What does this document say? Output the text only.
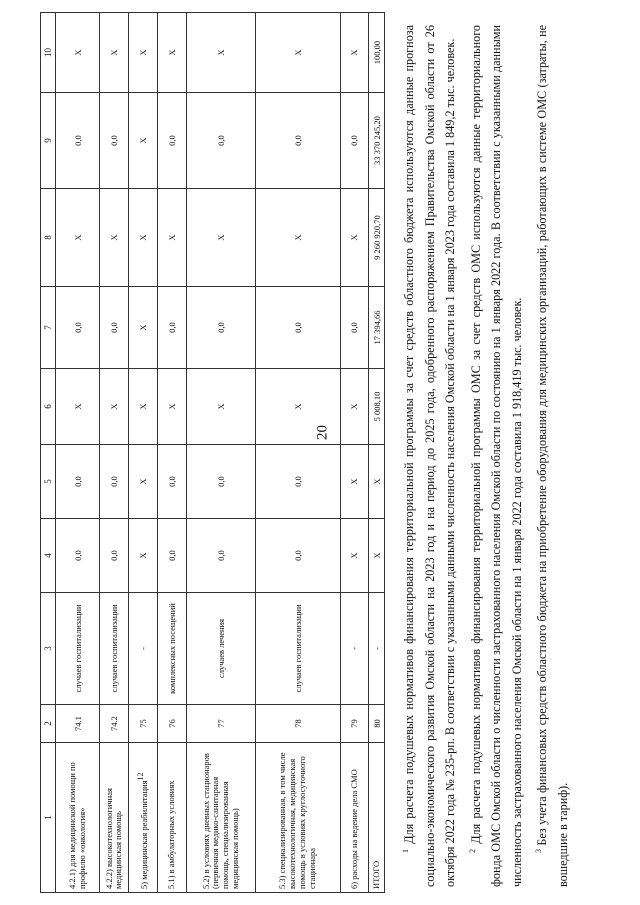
20
1	2	3	4	5	6	7	8	9	10
4.2.1) для медицинской помощи по профилю «онкология»	74.1	случаев госпитализации	0,0	0,0	X	0,0	X	0,0	X
4.2.2) высокотехнологичная медицинская помощь	74.2	случаев госпитализации	0,0	0,0	X	0,0	X	0,0	X
5) медицинская реабилитация$^{12}$	75	-	X	X	X	X	X	X	X
5.1) в амбулаторных условиях	76	комплексных посещений	0,0	0,0	X	0,0	X	0,0	X
5.2) в условиях дневных стационаров (первичная медико-санитарная помощь, специализированная медицинская помощь)	77	случаев лечения	0,0	0,0	X	0,0	X	0,0	X
5.3) специализированная, в том числе высокотехнологичная, медицинская помощь в условиях круглосуточного стационара	78	случаев госпитализации	0,0	0,0	X	0,0	X	0,0	X
6) расходы на ведение дела СМО	79	-	X	X	X	0,0	X	0,0	X
ИТОГО	80	-	X	X	5 008,10	17 394,66	9 260 920,70	33 370 245,20	100,00

$^1$ Для расчета подушевых нормативов финансирования территориальной программы за счет средств областного бюджета используются данные прогноза социально-экономического развития Омской области на 2023 год и на период до 2025 года, одобренного распоряжением Правительства Омской области от 26 октября 2022 года № 235-рп. В соответствии с указанными данными численность населения Омской области на 1 января 2023 года составила 1 849,2 тыс. человек.	$^2$ Для расчета подушевых нормативов финансирования территориальной программы ОМС за счет средств ОМС используются данные территориального фонда ОМС Омской области о численности застрахованного населения Омской области по состоянию на 1 января 2022 года. В соответствии с указанными данными численность застрахованного населения Омской области на 1 января 2022 года составила 1 918,419 тыс. человек.	$^3$ Без учета финансовых средств областного бюджета на приобретение оборудования для медицинских организаций, работающих в системе ОМС (затраты, не вошедшие в тариф).
